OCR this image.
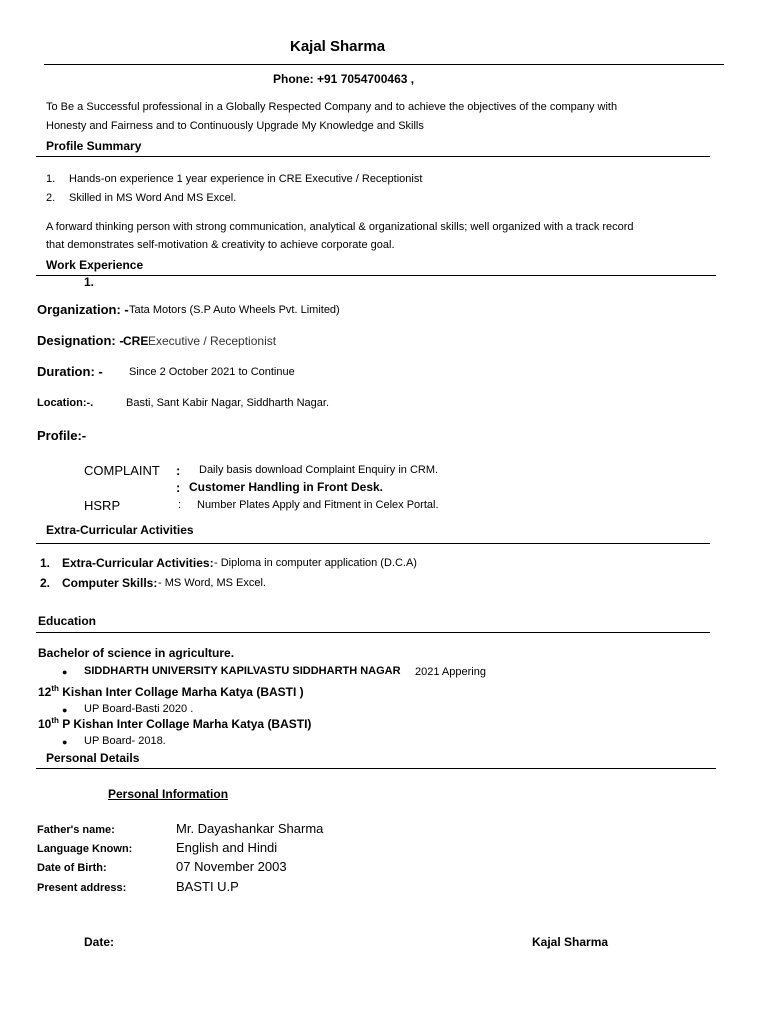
Kajal Sharma
Phone: +91 7054700463 ,
To Be a Successful professional in a Globally Respected Company and to achieve the objectives of the company with
Honesty and Fairness and to Continuously Upgrade My Knowledge and Skills
Profile Summary
1. Hands-on experience 1 year experience in CRE Executive / Receptionist
2. Skilled in MS Word And MS Excel.
A forward thinking person with strong communication, analytical & organizational skills; well organized with a track record
that demonstrates self-motivation & creativity to achieve corporate goal.
Work Experience
1.
Organization: - Tata Motors (S.P Auto Wheels Pvt. Limited)
Designation: - CRE Executive / Receptionist
Duration: - Since 2 October 2021 to Continue
Location:-.	Basti, Sant Kabir Nagar, Siddharth Nagar.
Profile:-
COMPLAINT : Daily basis download Complaint Enquiry in CRM.
: Customer Handling in Front Desk.
HSRP	: Number Plates Apply and Fitment in Celex Portal.
Extra-Curricular Activities
1. Extra-Curricular Activities: - Diploma in computer application (D.C.A)
2. Computer Skills: - MS Word, MS Excel.
Education
Bachelor of science in agriculture.
● SIDDHARTH UNIVERSITY KAPILVASTU SIDDHARTH NAGAR 2021 Appering
12th Kishan Inter Collage Marha Katya (BASTI )
● UP Board-Basti 2020 .
10th P Kishan Inter Collage Marha Katya (BASTI)
● UP Board- 2018.
Personal Details
Personal Information
Father's name:	Mr. Dayashankar Sharma
Language Known:	English and Hindi
Date of Birth:	07 November 2003
Present address:	BASTI U.P
Date:	Kajal Sharma
